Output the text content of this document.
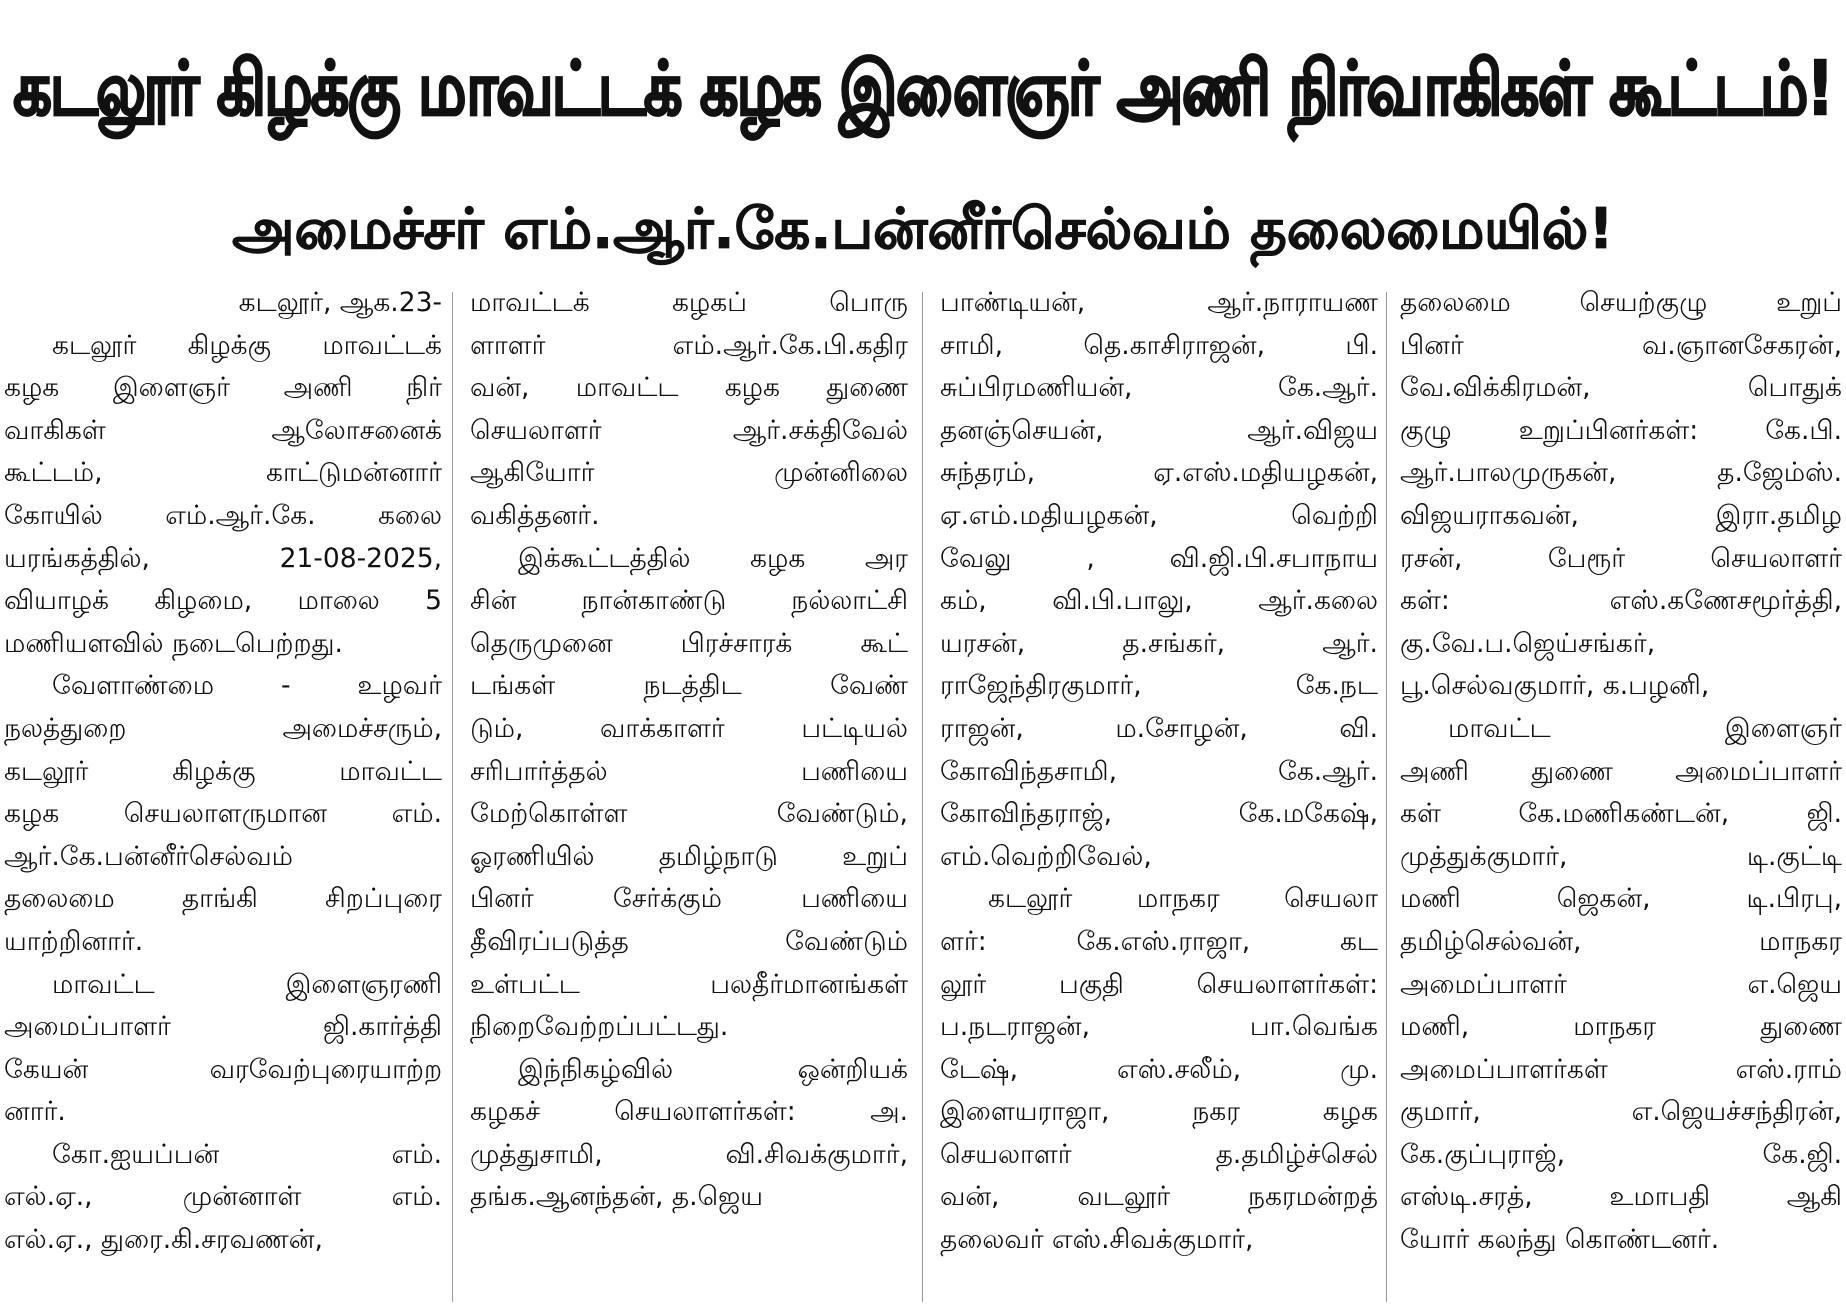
கடலூர் கிழக்கு மாவட்டக் கழக இளைஞர் அணி நிர்வாகிகள் கூட்டம்!
அமைச்சர் எம்.ஆர்.கே.பன்னீர்செல்வம் தலைமையில்!
கடலூர், ஆக.23-
கடலூர் கிழக்கு மாவட்டக்
கழக இளைஞர் அணி நிர்
வாகிகள் ஆலோசனைக்
கூட்டம், காட்டுமன்னார்
கோயில் எம்.ஆர்.கே. கலை
யரங்கத்தில், 21-08-2025,
வியாழக் கிழமை, மாலை 5
மணியளவில் நடைபெற்றது.
வேளாண்மை - உழவர்
நலத்துறை அமைச்சரும்,
கடலூர் கிழக்கு மாவட்ட
கழக செயலாளருமான எம்.
ஆர்.கே.பன்னீர்செல்வம்
தலைமை தாங்கி சிறப்புரை
யாற்றினார்.
மாவட்ட இளைஞரணி
அமைப்பாளர் ஜி.கார்த்தி
கேயன் வரவேற்புரையாற்ற
னார்.
கோ.ஐயப்பன் எம்.
எல்.ஏ., முன்னாள் எம்.
எல்.ஏ., துரை.கி.சரவணன்,
மாவட்டக் கழகப் பொரு
ளாளர் எம்.ஆர்.கே.பி.கதிர
வன், மாவட்ட கழக துணை
செயலாளர் ஆர்.சக்திவேல்
ஆகியோர் முன்னிலை
வகித்தனர்.
இக்கூட்டத்தில் கழக அர
சின் நான்காண்டு நல்லாட்சி
தெருமுனை பிரச்சாரக் கூட்
டங்கள் நடத்திட வேண்
டும், வாக்காளர் பட்டியல்
சரிபார்த்தல் பணியை
மேற்கொள்ள வேண்டும்,
ஓரணியில் தமிழ்நாடு உறுப்
பினர் சேர்க்கும் பணியை
தீவிரப்படுத்த வேண்டும்
உள்பட்ட பலதீர்மானங்கள்
நிறைவேற்றப்பட்டது.
இந்நிகழ்வில் ஒன்றியக்
கழகச் செயலாளர்கள்: அ.
முத்துசாமி, வி.சிவக்குமார்,
தங்க.ஆனந்தன், த.ஜெய
பாண்டியன், ஆர்.நாராயண
சாமி, தெ.காசிராஜன், பி.
சுப்பிரமணியன், கே.ஆர்.
தனஞ்செயன், ஆர்.விஜய
சுந்தரம், ஏ.எஸ்.மதியழகன்,
ஏ.எம்.மதியழகன், வெற்றி
வேலு , வி.ஜி.பி.சபாநாய
கம், வி.பி.பாலு, ஆர்.கலை
யரசன், த.சங்கர், ஆர்.
ராஜேந்திரகுமார், கே.நட
ராஜன், ம.சோழன், வி.
கோவிந்தசாமி, கே.ஆர்.
கோவிந்தராஜ், கே.மகேஷ்,
எம்.வெற்றிவேல்,
கடலூர் மாநகர செயலா
ளர்: கே.எஸ்.ராஜா, கட
லூர் பகுதி செயலாளர்கள்:
ப.நடராஜன், பா.வெங்க
டேஷ், எஸ்.சலீம், மு.
இளையராஜா, நகர கழக
செயலாளர் த.தமிழ்ச்செல்
வன், வடலூர் நகரமன்றத்
தலைவர் எஸ்.சிவக்குமார்,
தலைமை செயற்குழு உறுப்
பினர் வ.ஞானசேகரன்,
வே.விக்கிரமன், பொதுக்
குழு உறுப்பினர்கள்: கே.பி.
ஆர்.பாலமுருகன், த.ஜேம்ஸ்.
விஜயராகவன், இரா.தமிழ
ரசன், பேரூர் செயலாளர்
கள்: எஸ்.கணேசமூர்த்தி,
கு.வே.ப.ஜெய்சங்கர்,
பூ.செல்வகுமார், க.பழனி,
மாவட்ட இளைஞர்
அணி துணை அமைப்பாளர்
கள் கே.மணிகண்டன், ஜி.
முத்துக்குமார், டி.குட்டி
மணி ஜெகன், டி.பிரபு,
தமிழ்செல்வன், மாநகர
அமைப்பாளர் எ.ஜெய
மணி, மாநகர துணை
அமைப்பாளர்கள் எஸ்.ராம்
குமார், எ.ஜெயச்சந்திரன்,
கே.குப்புராஜ், கே.ஜி.
எஸ்டி.சரத், உமாபதி ஆகி
யோர் கலந்து கொண்டனர்.
